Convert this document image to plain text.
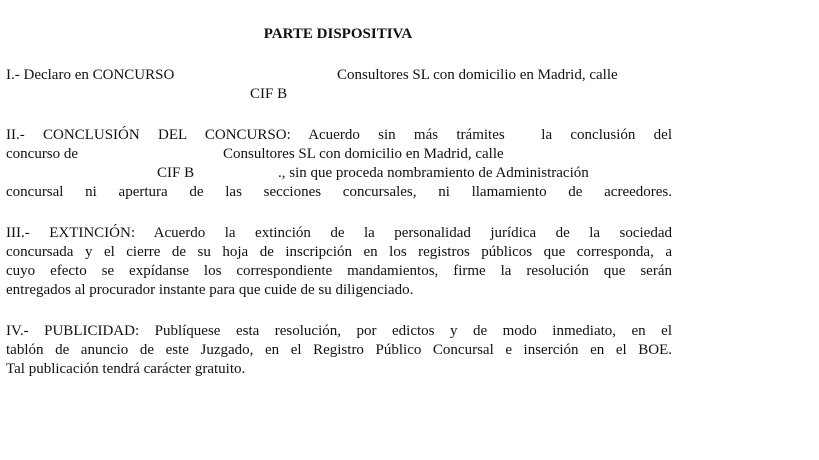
PARTE DISPOSITIVA
I.- Declaro en CONCURSO	Consultores SL con domicilio en Madrid, calle
CIF B
II.- CONCLUSIÓN DEL CONCURSO: Acuerdo sin más trámites  la conclusión del
concurso de	Consultores SL con domicilio en Madrid, calle
CIF B	., sin que proceda nombramiento de Administración
concursal ni apertura de las secciones concursales, ni llamamiento de acreedores.
III.- EXTINCIÓN: Acuerdo la extinción de la personalidad jurídica de la sociedad
concursada y el cierre de su hoja de inscripción en los registros públicos que corresponda, a
cuyo efecto se expídanse los correspondiente mandamientos, firme la resolución que serán
entregados al procurador instante para que cuide de su diligenciado.
IV.- PUBLICIDAD: Publíquese esta resolución, por edictos y de modo inmediato, en el
tablón de anuncio de este Juzgado, en el Registro Público Concursal e inserción en el BOE.
Tal publicación tendrá carácter gratuito.
